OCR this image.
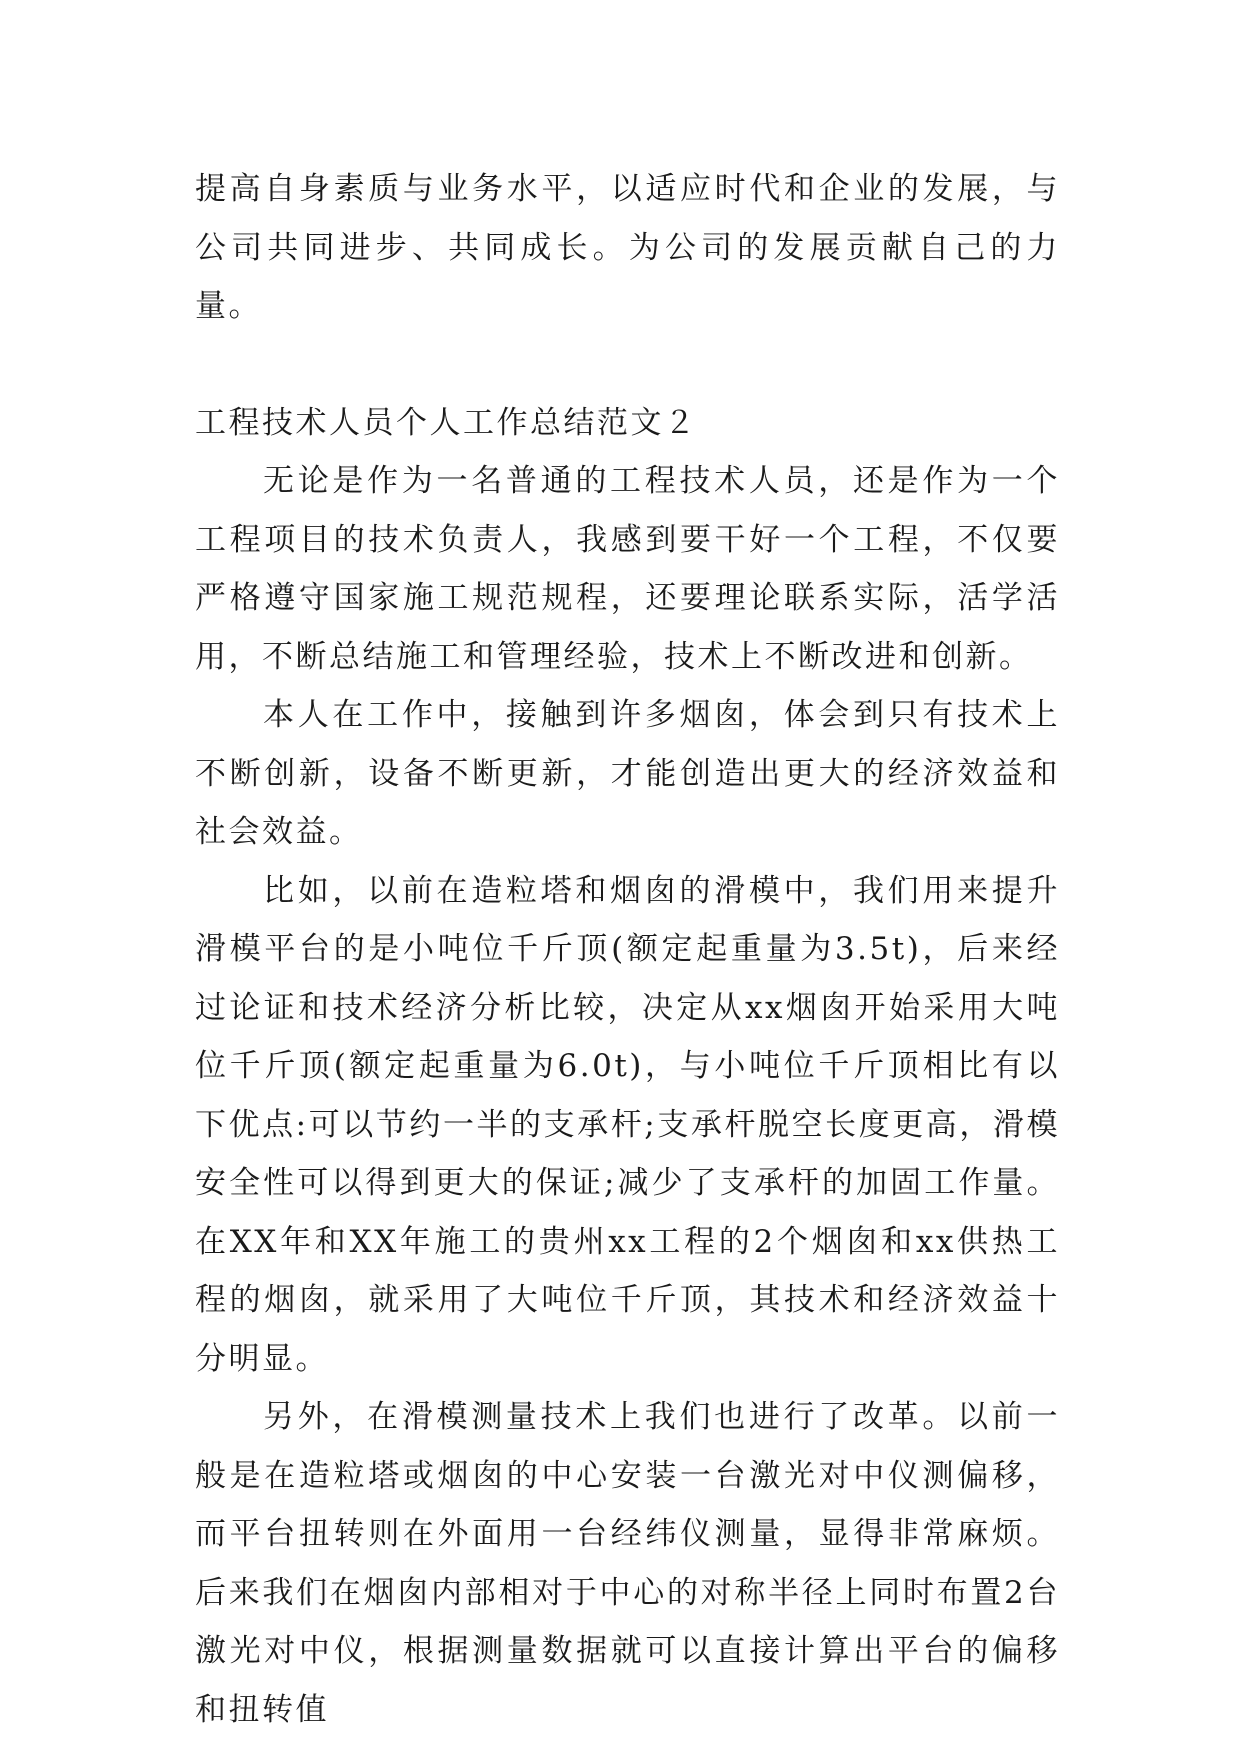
提高自身素质与业务水平，以适应时代和企业的发展，与公司共同进步、共同成长。为公司的发展贡献自己的力量。

工程技术人员个人工作总结范文２

无论是作为一名普通的工程技术人员，还是作为一个工程项目的技术负责人，我感到要干好一个工程，不仅要严格遵守国家施工规范规程，还要理论联系实际，活学活用，不断总结施工和管理经验，技术上不断改进和创新。

本人在工作中，接触到许多烟囱，体会到只有技术上不断创新，设备不断更新，才能创造出更大的经济效益和社会效益。

比如，以前在造粒塔和烟囱的滑模中，我们用来提升滑模平台的是小吨位千斤顶(额定起重量为3.5t)，后来经过论证和技术经济分析比较，决定从xx烟囱开始采用大吨位千斤顶(额定起重量为6.0t)，与小吨位千斤顶相比有以下优点:可以节约一半的支承杆;支承杆脱空长度更高，滑模安全性可以得到更大的保证;减少了支承杆的加固工作量。在XX年和XX年施工的贵州xx工程的2个烟囱和xx供热工程的烟囱，就采用了大吨位千斤顶，其技术和经济效益十分明显。

另外，在滑模测量技术上我们也进行了改革。以前一般是在造粒塔或烟囱的中心安装一台激光对中仪测偏移，而平台扭转则在外面用一台经纬仪测量，显得非常麻烦。后来我们在烟囱内部相对于中心的对称半径上同时布置2台激光对中仪，根据测量数据就可以直接计算出平台的偏移和扭转值
